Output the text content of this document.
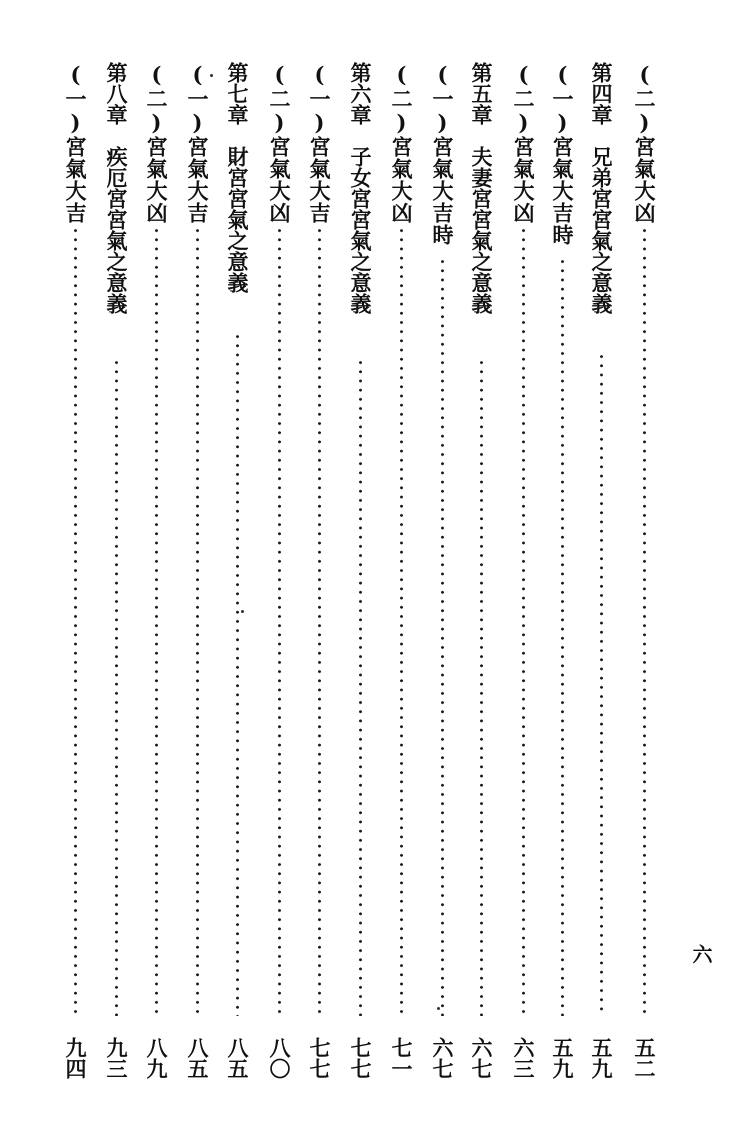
(二)宮氣大凶
五二
第四章　兄弟宮宮氣之意義
五九
(一)宮氣大吉時
五九
(二)宮氣大凶
六三
第五章　夫妻宮宮氣之意義
六七
(一)宮氣大吉時
六七
(二)宮氣大凶
七一
第六章　子女宮宮氣之意義
七七
(一)宮氣大吉
七七
(二)宮氣大凶
八〇
第七章　財宮宮氣之意義
八五
(一)宮氣大吉
八五
(二)宮氣大凶
八九
第八章　疾厄宮宮氣之意義
九三
(一)宮氣大吉
九四
六
